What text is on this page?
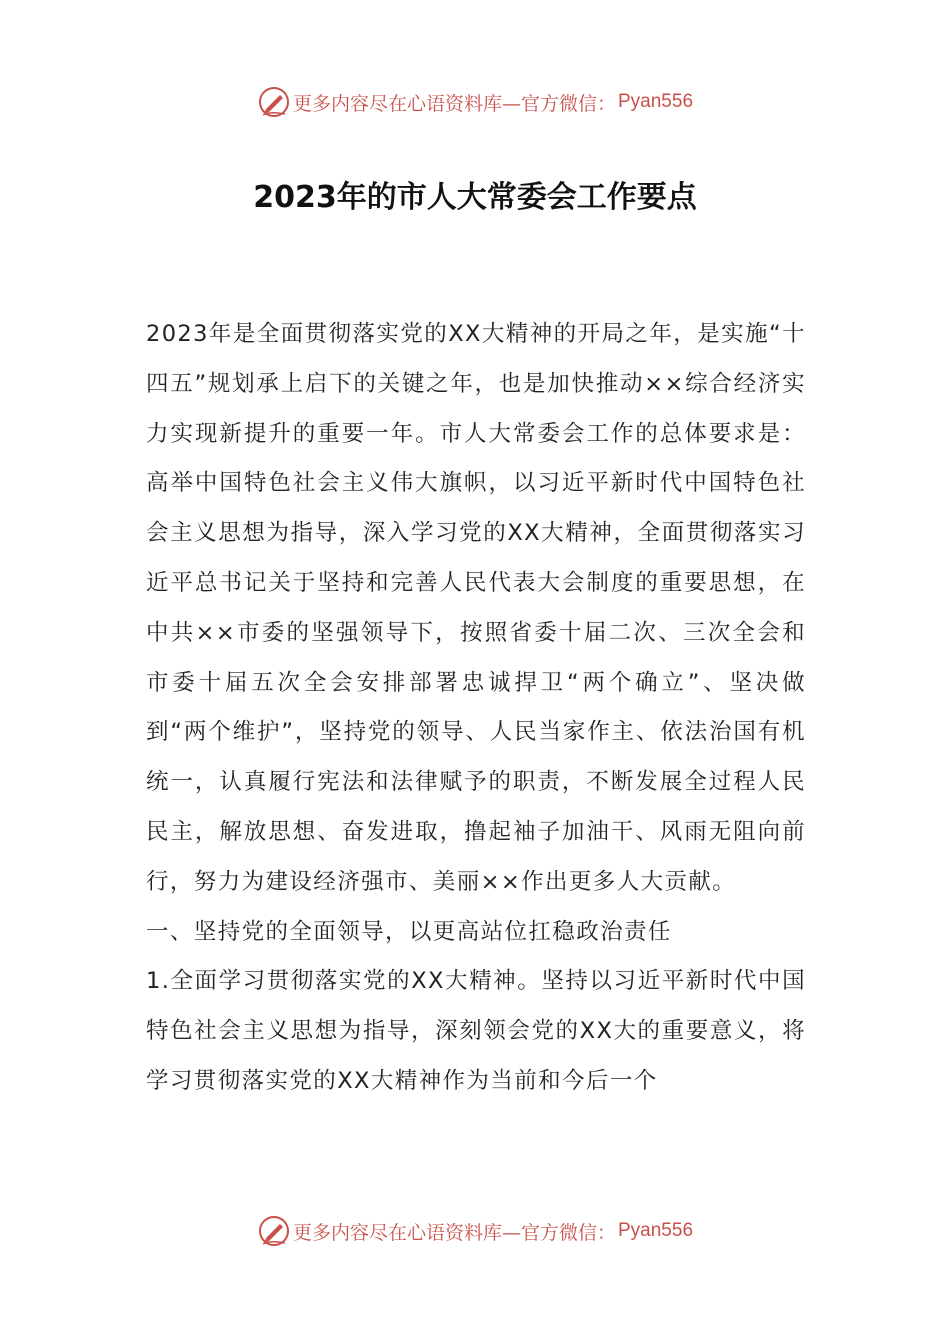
更多内容尽在心语资料库—官方微信： Pyan556
2023年的市人大常委会工作要点

2023年是全面贯彻落实党的XX大精神的开局之年，是实施“十四五”规划承上启下的关键之年，也是加快推动××综合经济实力实现新提升的重要一年。市人大常委会工作的总体要求是：高举中国特色社会主义伟大旗帜，以习近平新时代中国特色社会主义思想为指导，深入学习党的XX大精神，全面贯彻落实习近平总书记关于坚持和完善人民代表大会制度的重要思想，在中共××市委的坚强领导下，按照省委十届二次、三次全会和市委十届五次全会安排部署忠诚捍卫“两个确立”、坚决做到“两个维护”，坚持党的领导、人民当家作主、依法治国有机统一，认真履行宪法和法律赋予的职责，不断发展全过程人民民主，解放思想、奋发进取，撸起袖子加油干、风雨无阻向前行，努力为建设经济强市、美丽××作出更多人大贡献。

一、坚持党的全面领导，以更高站位扛稳政治责任

1.全面学习贯彻落实党的XX大精神。坚持以习近平新时代中国特色社会主义思想为指导，深刻领会党的XX大的重要意义，将学习贯彻落实党的XX大精神作为当前和今后一个

更多内容尽在心语资料库—官方微信： Pyan556
